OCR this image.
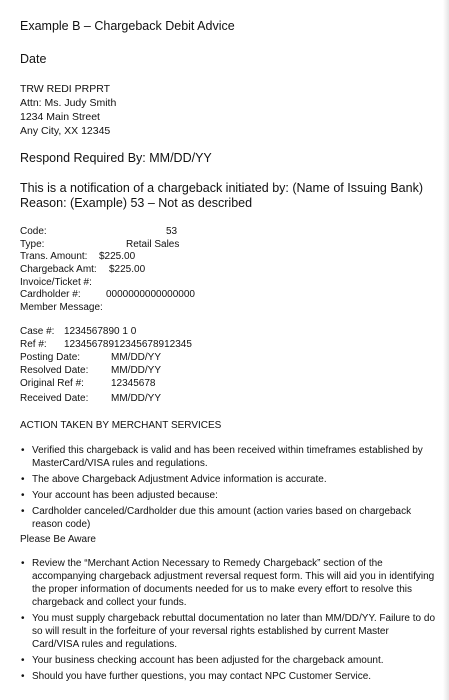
Example B – Chargeback Debit Advice
Date
TRW REDI PRPRT
Attn: Ms. Judy Smith
1234 Main Street
Any City, XX 12345
Respond Required By: MM/DD/YY
This is a notification of a chargeback initiated by: (Name of Issuing Bank)
Reason: (Example) 53 – Not as described
Code:	53
Type:	Retail Sales
Trans. Amount: $225.00
Chargeback Amt: $225.00
Invoice/Ticket #:
Cardholder #:	0000000000000000
Member Message:
Case #: 1234567890 1 0
Ref #: 12345678912345678912345
Posting Date:	MM/DD/YY
Resolved Date: MM/DD/YY
Original Ref #:	12345678
Received Date: MM/DD/YY
ACTION TAKEN BY MERCHANT SERVICES
• Verified this chargeback is valid and has been received within timeframes established by MasterCard/VISA rules and regulations.
• The above Chargeback Adjustment Advice information is accurate.
• Your account has been adjusted because:
• Cardholder canceled/Cardholder due this amount (action varies based on chargeback reason code)
Please Be Aware
• Review the “Merchant Action Necessary to Remedy Chargeback” section of the accompanying chargeback adjustment reversal request form. This will aid you in identifying the proper information of documents needed for us to make every effort to resolve this chargeback and collect your funds.
• You must supply chargeback rebuttal documentation no later than MM/DD/YY. Failure to do so will result in the forfeiture of your reversal rights established by current Master Card/VISA rules and regulations.
• Your business checking account has been adjusted for the chargeback amount.
• Should you have further questions, you may contact NPC Customer Service.
